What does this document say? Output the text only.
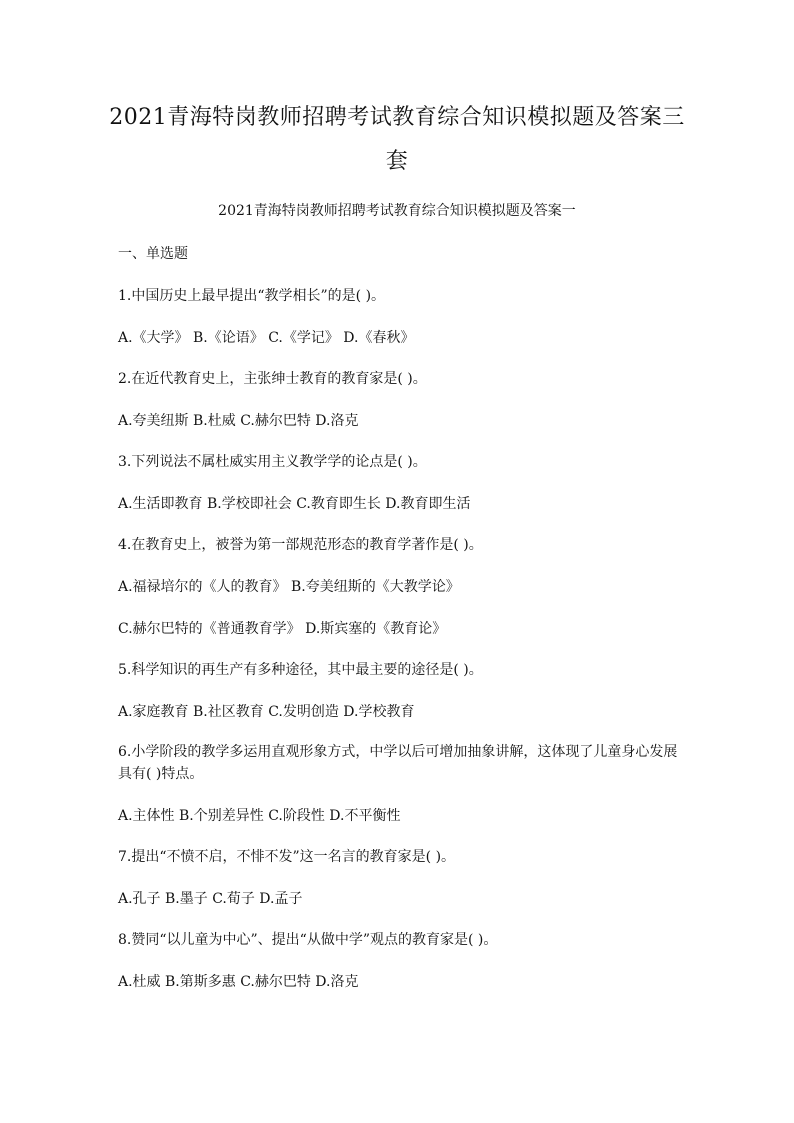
2021青海特岗教师招聘考试教育综合知识模拟题及答案三套
2021青海特岗教师招聘考试教育综合知识模拟题及答案一
一、单选题
1.中国历史上最早提出“教学相长”的是( )。
A.《大学》 B.《论语》 C.《学记》 D.《春秋》
2.在近代教育史上，主张绅士教育的教育家是( )。
A.夸美纽斯 B.杜威 C.赫尔巴特 D.洛克
3.下列说法不属杜威实用主义教学学的论点是( )。
A.生活即教育 B.学校即社会 C.教育即生长 D.教育即生活
4.在教育史上，被誉为第一部规范形态的教育学著作是( )。
A.福禄培尔的《人的教育》 B.夸美纽斯的《大教学论》
C.赫尔巴特的《普通教育学》 D.斯宾塞的《教育论》
5.科学知识的再生产有多种途径，其中最主要的途径是( )。
A.家庭教育 B.社区教育 C.发明创造 D.学校教育
6.小学阶段的教学多运用直观形象方式，中学以后可增加抽象讲解，这体现了儿童身心发展具有( )特点。
A.主体性 B.个别差异性 C.阶段性 D.不平衡性
7.提出“不愤不启，不悱不发”这一名言的教育家是( )。
A.孔子 B.墨子 C.荀子 D.孟子
8.赞同“以儿童为中心”、提出“从做中学”观点的教育家是( )。
A.杜威 B.第斯多惠 C.赫尔巴特 D.洛克
